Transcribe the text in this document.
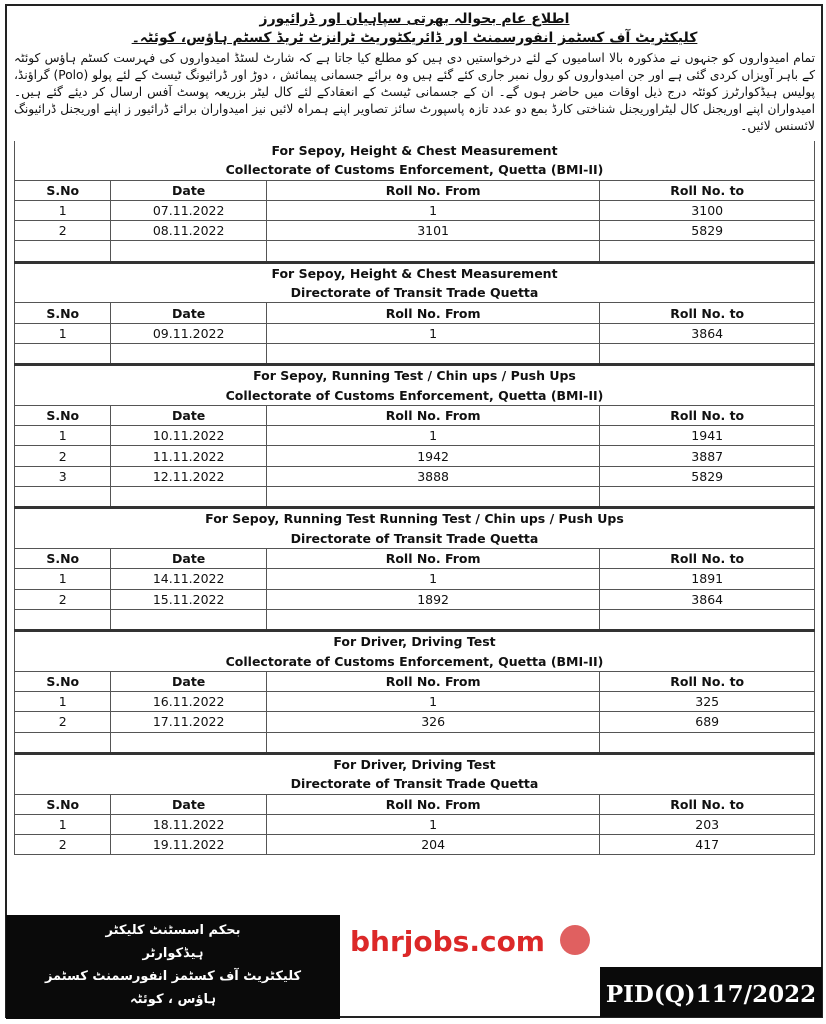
اطلاع عام بحوالہ بھرتی سپاہیان اور ڈرائیورز
کلیکٹریٹ آف کسٹمز انفورسمنٹ اور ڈائریکٹوریٹ ٹرانزٹ ٹریڈ کسٹم ہاؤس، کوئٹہ۔
تمام امیدواروں کو جنہوں نے مذکورہ بالا اسامیوں کے لئے درخواستیں دی ہیں کو مطلع کیا جاتا ہے کہ شارٹ لسٹڈ امیدواروں کی فہرست کسٹم ہاؤس کوئٹہ کے باہر آویزاں کردی گئی ہے اور جن امیدواروں کو رول نمبر جاری کئے گئے ہیں وہ برائے جسمانی پیمائش ، دوڑ اور ڈرائیونگ ٹیسٹ کے لئے پولو (Polo) گراؤنڈ، پولیس ہیڈکوارٹرز کوئٹہ درج ذیل اوقات میں حاضر ہوں گے۔ ان کے جسمانی ٹیسٹ کے انعقادکے لئے کال لیٹر بزریعہ پوسٹ آفس ارسال کر دیئے گئے ہیں۔ امیدواران اپنے اوریجنل کال لیٹراوریجنل شناختی کارڈ بمع دو عدد تازہ پاسپورٹ سائز تصاویر اپنے ہمراہ لائیں نیز امیدواران برائے ڈرائیور ز اپنے اوریجنل ڈرائیونگ لائسنس لائیں۔
For Sepoy, Height & Chest Measurement			
Collectorate of Customs Enforcement, Quetta (BMI-II)			
S.No	Date	Roll No. From	Roll No. to
1	07.11.2022	1	3100
2	08.11.2022	3101	5829

For Sepoy, Height & Chest Measurement			
Directorate of Transit Trade Quetta			
S.No	Date	Roll No. From	Roll No. to
1	09.11.2022	1	3864

For Sepoy, Running Test / Chin ups / Push Ups			
Collectorate of Customs Enforcement, Quetta (BMI-II)			
S.No	Date	Roll No. From	Roll No. to
1	10.11.2022	1	1941
2	11.11.2022	1942	3887
3	12.11.2022	3888	5829

For Sepoy, Running Test Running Test / Chin ups / Push Ups			
Directorate of Transit Trade Quetta			
S.No	Date	Roll No. From	Roll No. to
1	14.11.2022	1	1891
2	15.11.2022	1892	3864

For Driver, Driving Test			
Collectorate of Customs Enforcement, Quetta (BMI-II)			
S.No	Date	Roll No. From	Roll No. to
1	16.11.2022	1	325
2	17.11.2022	326	689

For Driver, Driving Test			
Directorate of Transit Trade Quetta			
S.No	Date	Roll No. From	Roll No. to
1	18.11.2022	1	203
2	19.11.2022	204	417
بحکم اسسٹنٹ کلیکٹر
ہیڈکوارٹر
کلیکٹریٹ آف کسٹمز انفورسمنٹ کسٹمز
ہاؤس ، کوئٹہ	PID(Q)117/2022
bhrjobs.com
